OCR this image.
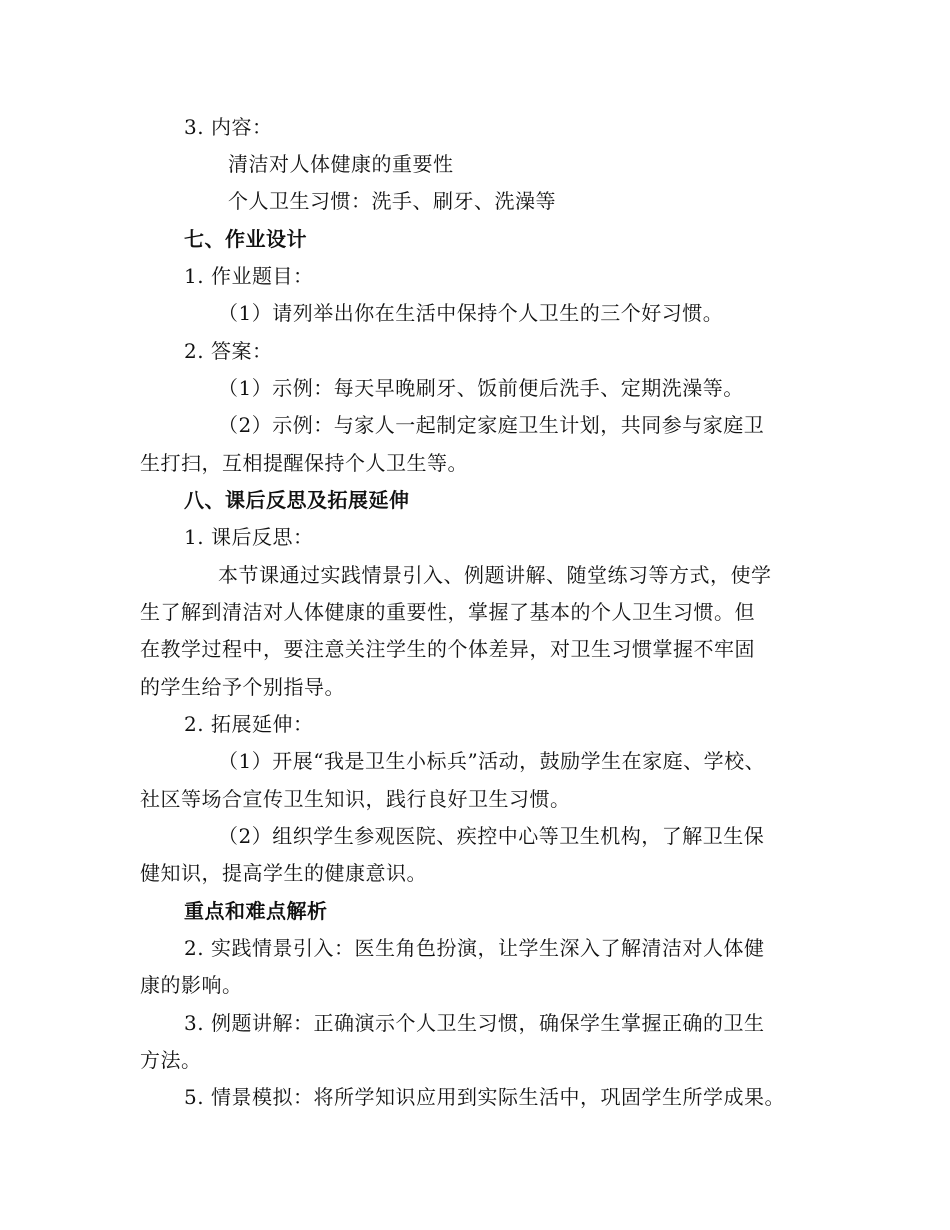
3. 内容：
清洁对人体健康的重要性
个人卫生习惯：洗手、刷牙、洗澡等
七、作业设计
1. 作业题目：
（1）请列举出你在生活中保持个人卫生的三个好习惯。
2. 答案：
（1）示例：每天早晚刷牙、饭前便后洗手、定期洗澡等。
（2）示例：与家人一起制定家庭卫生计划，共同参与家庭卫
生打扫，互相提醒保持个人卫生等。
八、课后反思及拓展延伸
1. 课后反思：
本节课通过实践情景引入、例题讲解、随堂练习等方式，使学
生了解到清洁对人体健康的重要性，掌握了基本的个人卫生习惯。但
在教学过程中，要注意关注学生的个体差异，对卫生习惯掌握不牢固
的学生给予个别指导。
2. 拓展延伸：
（1）开展“我是卫生小标兵”活动，鼓励学生在家庭、学校、
社区等场合宣传卫生知识，践行良好卫生习惯。
（2）组织学生参观医院、疾控中心等卫生机构，了解卫生保
健知识，提高学生的健康意识。
重点和难点解析
2. 实践情景引入：医生角色扮演，让学生深入了解清洁对人体健
康的影响。
3. 例题讲解：正确演示个人卫生习惯，确保学生掌握正确的卫生
方法。
5. 情景模拟：将所学知识应用到实际生活中，巩固学生所学成果。
